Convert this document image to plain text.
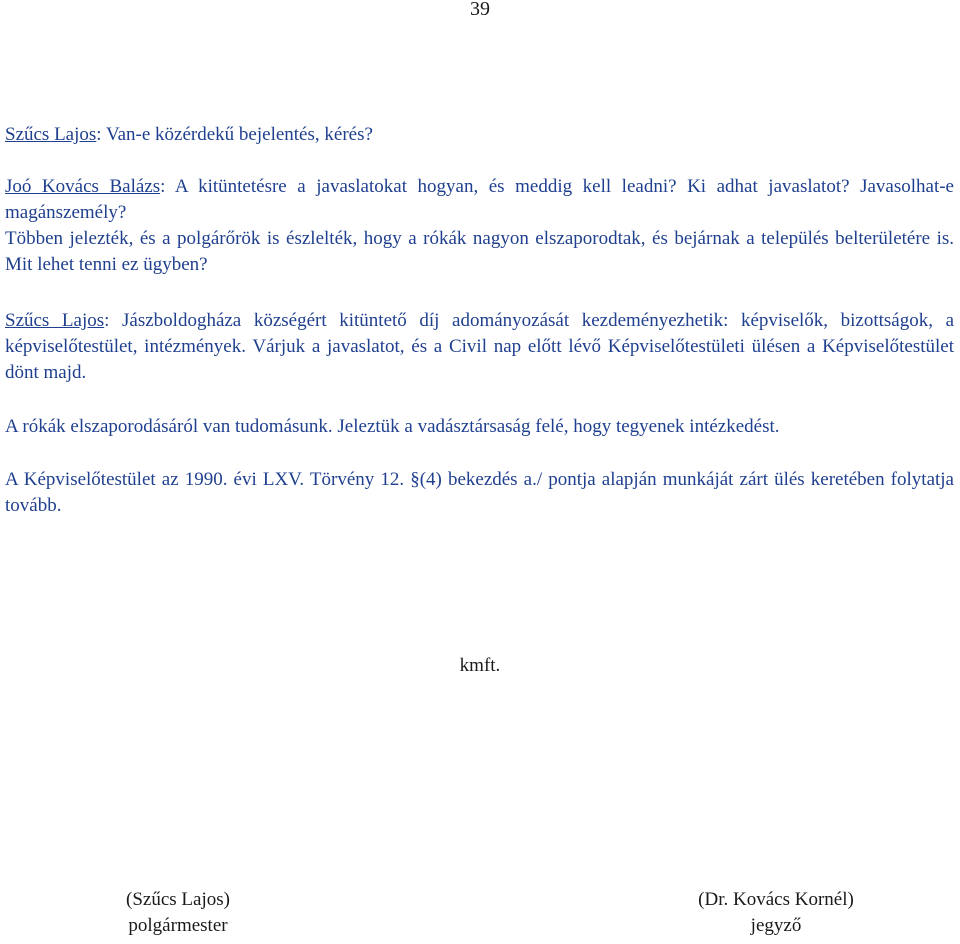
39

Szűcs Lajos: Van-e közérdekű bejelentés, kérés?

Joó Kovács Balázs: A kitüntetésre a javaslatokat hogyan, és meddig kell leadni? Ki adhat javaslatot? Javasolhat-e magánszemély?
Többen jelezték, és a polgárőrök is észlelték, hogy a rókák nagyon elszaporodtak, és bejárnak a település belterületére is. Mit lehet tenni ez ügyben?

Szűcs Lajos: Jászboldogháza községért kitüntető díj adományozását kezdeményezhetik: képviselők, bizottságok, a képviselőtestület, intézmények. Várjuk a javaslatot, és a Civil nap előtt lévő Képviselőtestületi ülésen a Képviselőtestület dönt majd.

A rókák elszaporodásáról van tudomásunk. Jeleztük a vadásztársaság felé, hogy tegyenek intézkedést.

A Képviselőtestület az 1990. évi LXV. Törvény 12. §(4) bekezdés a./ pontja alapján munkáját zárt ülés keretében folytatja tovább.

kmft.
(Szűcs Lajos)
polgármester
(Dr. Kovács Kornél)
jegyző
